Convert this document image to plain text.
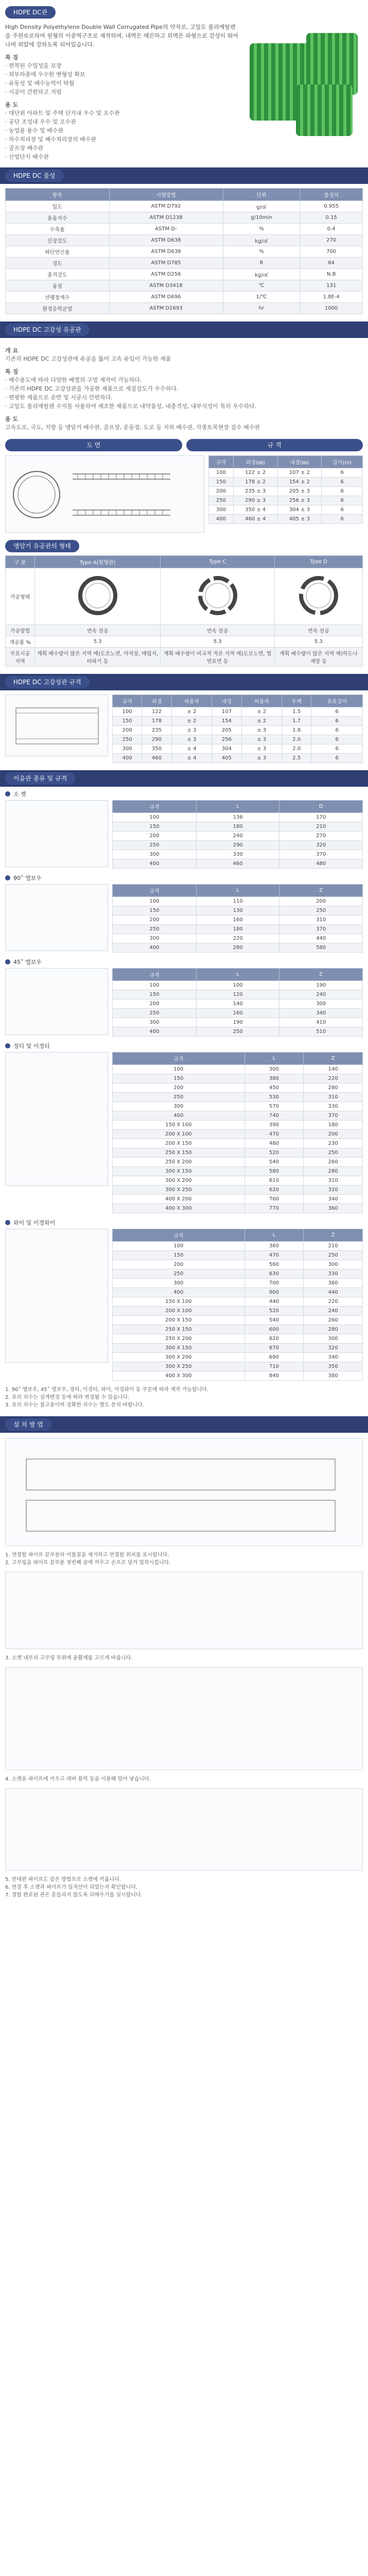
HDPE DC관

High Density Polyethylene Double Wall Corrugated Pipe의 약자로, 고밀도 폴리에틸렌을 주원료로하여 원형의 이중벽구조로 제작하며, 내벽은 매끈하고 외벽은 파형으로 강성이 뛰어나며 외압에 강하도록 되어있습니다.

특 징

· 편복된 수밀성을 보장
· 외부하중에 우수한 변형성 확보
· 유동성 및 배수능력이 탁월
· 시공이 간편하고 저렴

용 도

· 대단위 아파트 및 주택 단지내 우수 및 오수관
· 공단 조성내 우수 및 오수관
· 농업용 용수 및 배수관
· 하수처리장 및 폐수처리장의 배수관
· 골프장 배수관
· 산업단지 배수관
HDPE DC 물성
항목	시험방법	단위	물성치
밀도	ASTM D792	g/㎤	0.955
용융지수	ASTM D1238	g/10min	0.15
수축율	ASTM D-	%	0.4
인장강도	ASTM D638	kg/㎠	270
파단연신율	ASTM D638	%	700
경도	ASTM D785	R	64
충격강도	ASTM D256	kg/㎠	N.B
융점	ASTM D3418	℃	131
선팽창계수	ASTM D696	1/℃	1.8E-4
환경응력균열	ASTM D1693	hr	1000
HDPE DC 고강성 유공관

개 요

기존의 HDPE DC 고강성관에 유공을 뚫어 고속 유입이 가능한 제품

특 징

· 배수용도에 따라 다양한 배열의 구멍 제작이 가능하다.
· 기존의 HDPE DC 고강성관을 가공한 제품으로 재질강도가 우수하다.
· 편평한 제품으로 운반 및 시공시 간편하다.
· 고밀도 폴리에틸렌 수지를 사용하여 제조한 제품으로 내약품성, 내충격성, 내부식성이 특히 우수하다.

용 도

고속도로, 국도, 지방 등 맹암거 배수관, 골프장, 운동장, 도로 등 지하 배수관, 각종토목현장 집수 배수관

도 면	규 격
규격	외경(㎜)	내경(㎜)	길이(m)
100	122 ± 2	107 ± 2	6
150	178 ± 2	154 ± 2	6
200	235 ± 3	205 ± 3	6
250	290 ± 3	256 ± 3	6
300	350 ± 4	304 ± 3	6
400	460 ± 4	405 ± 3	6
맹암거 유공관의 형태
구 분	Type A(원형관)	Type C	Type D
가공형태			
가공방법	연속 천공	연속 천공	연속 천공
개공률 %	5.3	5.3	5.3
주요시공 지역	계획 배수량이 많은 지역 예)도로노면, 야적장, 매립지, 터파기 등	계획 배수량이 비교적 적은 지역 예)도로노면, 법면표면 등	계획 배수량이 많은 지역 예)하도나 제방 등
HDPE DC 고강성관 규격
규격	외경	허용차	내경	허용차	두께	유효길이
100	122	± 2	107	± 2	1.5	6
150	178	± 2	154	± 2	1.7	6
200	235	± 3	205	± 3	1.8	6
250	290	± 3	256	± 3	2.0	6
300	350	± 4	304	± 3	2.0	6
400	460	± 4	405	± 3	2.5	6
이음관 종류 및 규격
소 켓
규격	L	D
100	136	170
150	180	210
200	240	270
250	290	320
300	330	370
400	460	480
90˚ 엘보우
규격	L	Z
100	110	200
150	130	250
200	160	310
250	180	370
300	220	440
400	280	580
45˚ 엘보우
규격	L	Z
100	100	190
150	120	240
200	140	300
250	160	340
300	190	410
400	250	510
정티 및 이경티
규격	L	Z
100	300	140
150	380	220
200	450	280
250	530	310
300	570	330
400	740	370
150 X 100	390	180
200 X 100	470	200
200 X 150	480	230
250 X 150	520	250
250 X 200	540	260
300 X 150	580	280
300 X 200	610	310
300 X 250	620	320
400 X 200	760	340
400 X 300	770	360
와이 및 이경와이
규격	L	Z
100	360	210
150	470	250
200	560	300
250	630	330
300	700	360
400	900	440
150 X 100	440	220
200 X 100	520	240
200 X 150	540	260
250 X 150	600	280
250 X 200	620	300
300 X 150	670	320
300 X 200	690	340
300 X 250	710	350
400 X 300	840	380

1. 90˚ 엘보우, 45˚ 엘보우, 정티, 이경티, 와이, 이경와이 등 주문에 따라 제작 가능합니다.

2. 표의 치수는 설계변경 등에 따라 변경될 수 있습니다.

3. 표의 치수는 참고용이며 정확한 치수는 별도 문의 바랍니다.

설 치 방 법

1. 연결할 파이프 끝부분의 이물질을 제거하고 연결할 위치를 표시합니다.

2. 고무링을 파이프 끝부분 첫번째 골에 끼우고 손으로 당겨 밀착시킵니다.

3. 소켓 내부의 고무링 부위에 윤활제를 고르게 바릅니다.

4. 소켓을 파이프에 끼우고 레버 블럭 등을 이용해 밀어 넣습니다.

5. 반대편 파이프도 같은 방법으로 소켓에 끼웁니다.

6. 연결 후 소켓과 파이프가 일직선이 되었는지 확인합니다.

7. 결합 완료된 관은 흔들리지 않도록 되메우기를 실시합니다.
